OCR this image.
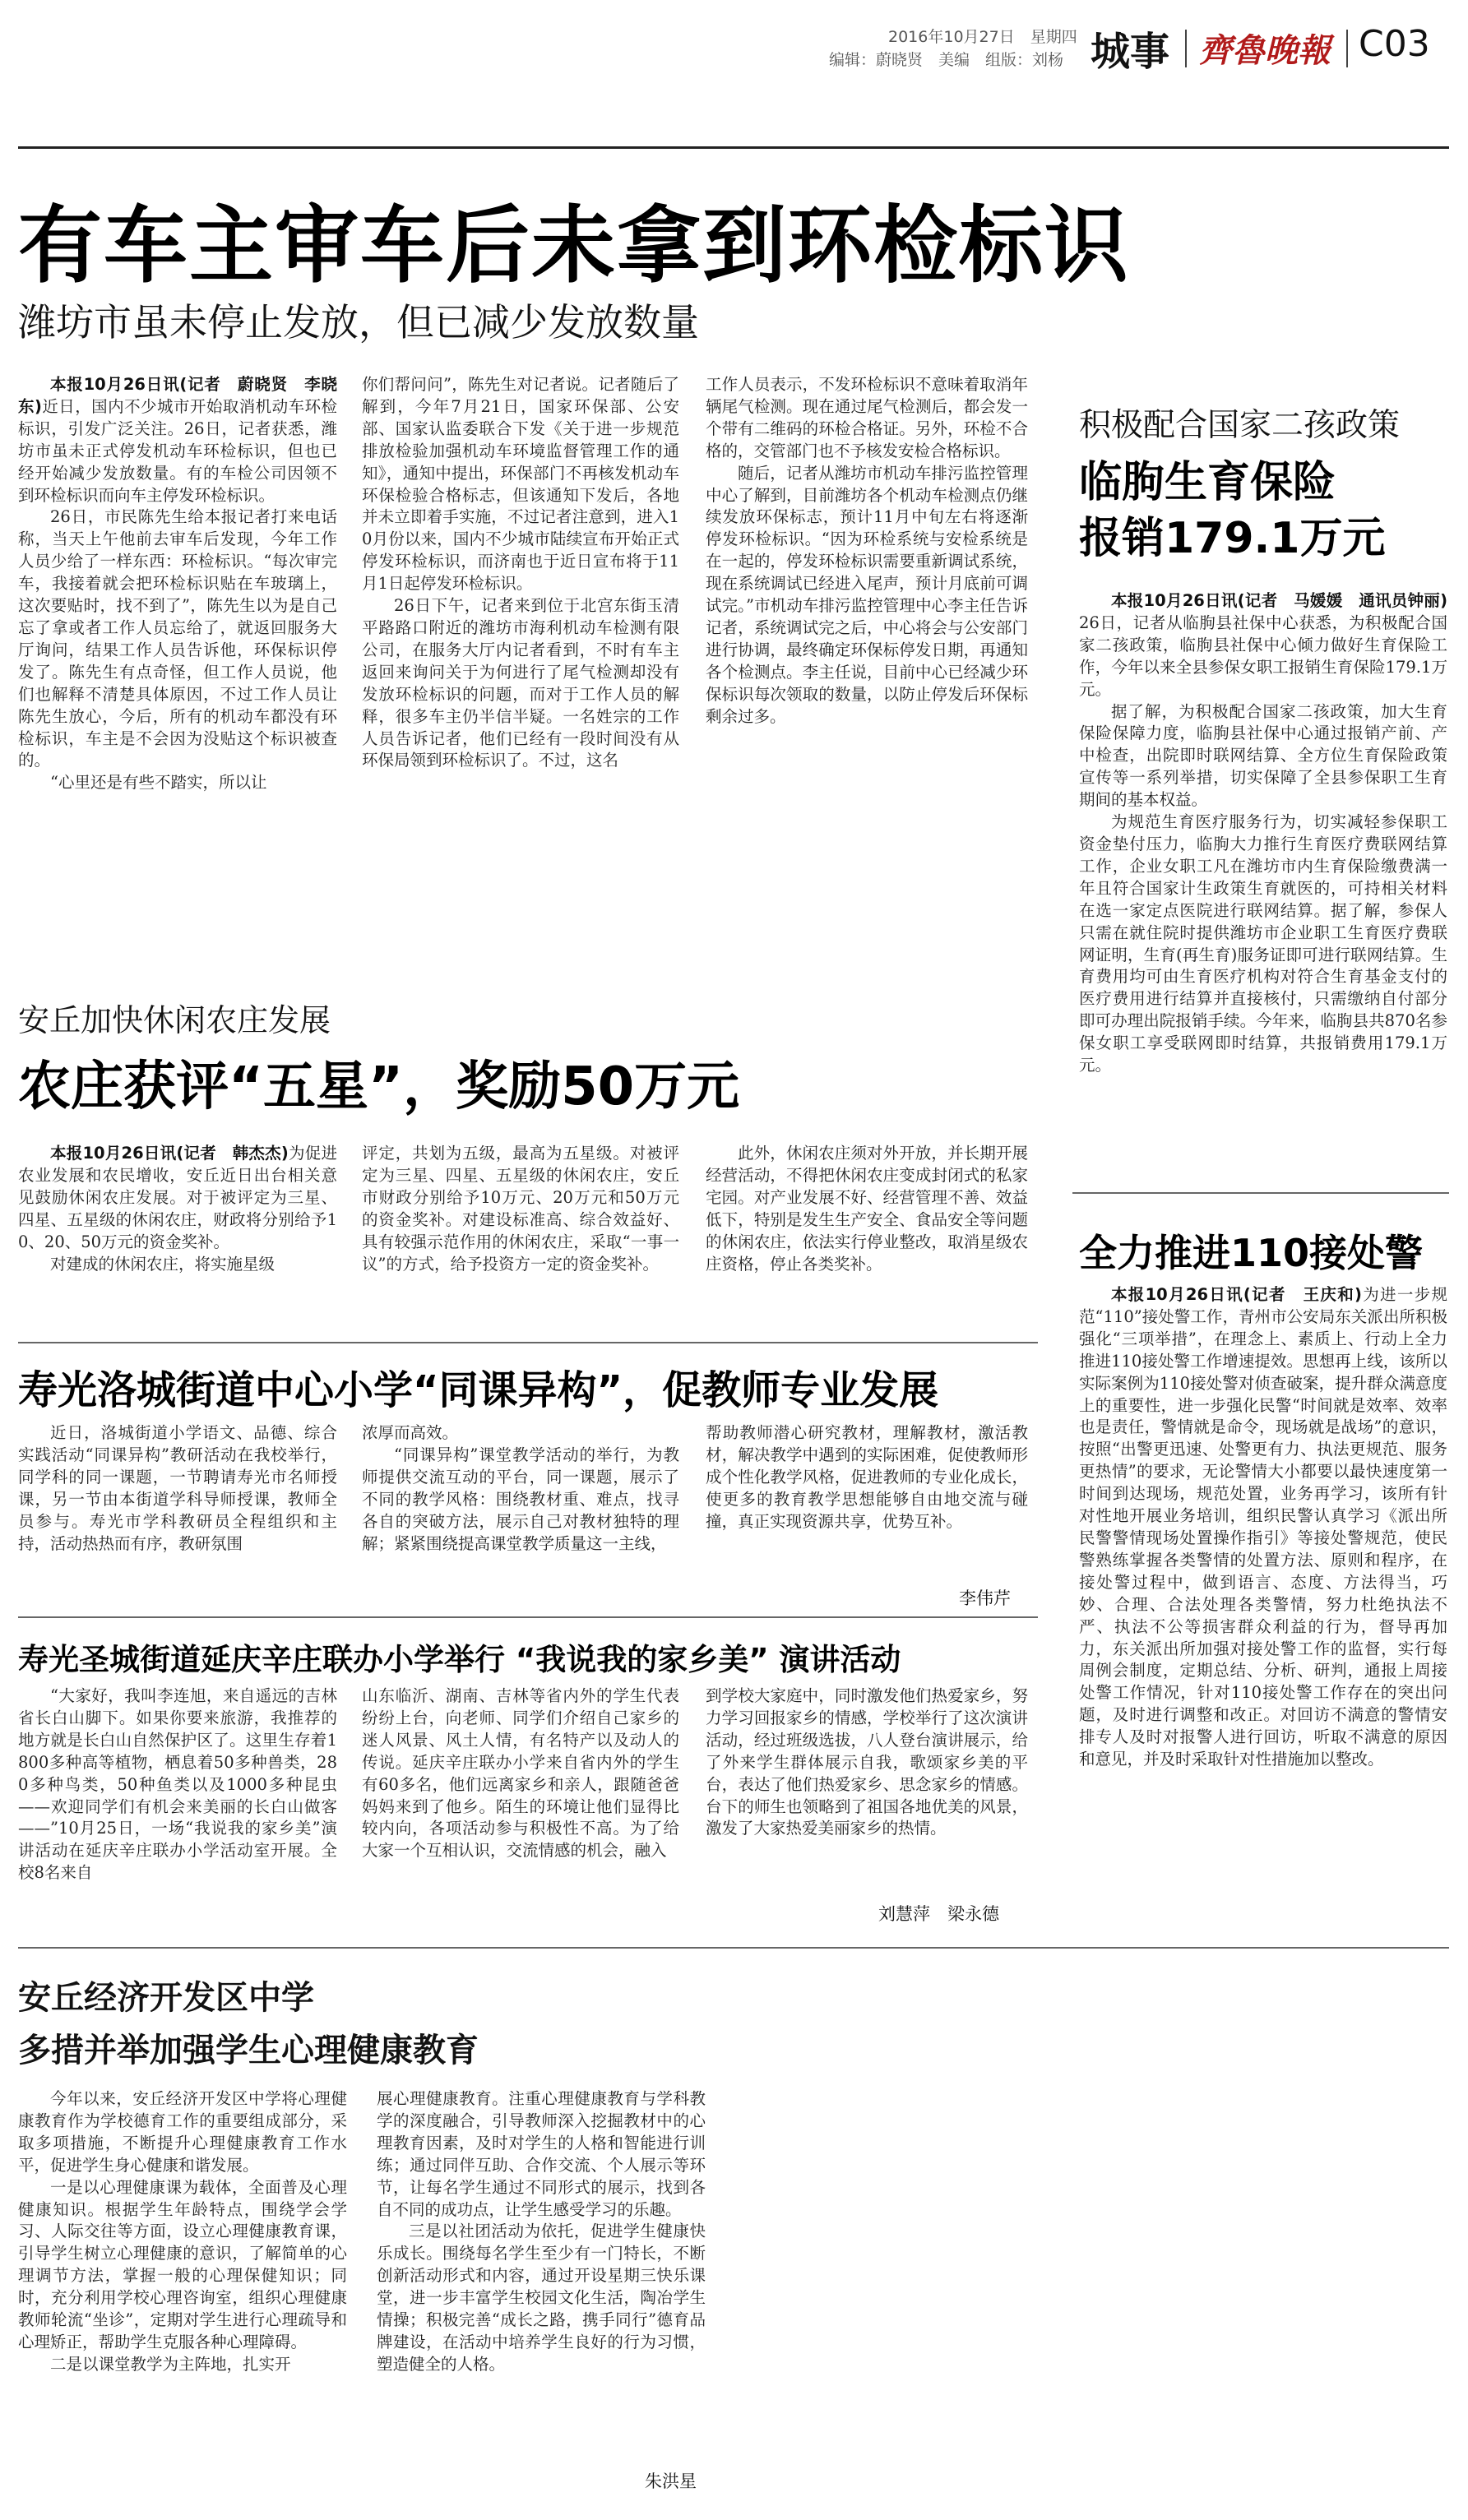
2016年10月27日　 星期四
编辑：蔚晓贤　美编　组版：刘杨 城事 齊魯晚報 C03
有车主审车后未拿到环检标识
潍坊市虽未停止发放，但已减少发放数量

本报10月26日讯(记者　蔚晓贤　李晓东)近日，国内不少城市开始取消机动车环检标识，引发广泛关注。26日，记者获悉，潍坊市虽未正式停发机动车环检标识，但也已经开始减少发放数量。有的车检公司因领不到环检标识而向车主停发环检标识。

26日，市民陈先生给本报记者打来电话称，当天上午他前去审车后发现，今年工作人员少给了一样东西：环检标识。“每次审完车，我接着就会把环检标识贴在车玻璃上，这次要贴时，找不到了”，陈先生以为是自己忘了拿或者工作人员忘给了，就返回服务大厅询问，结果工作人员告诉他，环保标识停发了。陈先生有点奇怪，但工作人员说，他们也解释不清楚具体原因，不过工作人员让陈先生放心，今后，所有的机动车都没有环检标识，车主是不会因为没贴这个标识被查的。

“心里还是有些不踏实，所以让

你们帮问问”，陈先生对记者说。记者随后了解到，今年7月21日，国家环保部、公安部、国家认监委联合下发《关于进一步规范排放检验加强机动车环境监督管理工作的通知》，通知中提出，环保部门不再核发机动车环保检验合格标志，但该通知下发后，各地并未立即着手实施，不过记者注意到，进入10月份以来，国内不少城市陆续宣布开始正式停发环检标识，而济南也于近日宣布将于11月1日起停发环检标识。

26日下午，记者来到位于北宫东街玉清平路路口附近的潍坊市海利机动车检测有限公司，在服务大厅内记者看到，不时有车主返回来询问关于为何进行了尾气检测却没有发放环检标识的问题，而对于工作人员的解释，很多车主仍半信半疑。一名姓宗的工作人员告诉记者，他们已经有一段时间没有从环保局领到环检标识了。不过，这名

工作人员表示，不发环检标识不意味着取消年辆尾气检测。现在通过尾气检测后，都会发一个带有二维码的环检合格证。另外，环检不合格的，交管部门也不予核发安检合格标识。

随后，记者从潍坊市机动车排污监控管理中心了解到，目前潍坊各个机动车检测点仍继续发放环保标志，预计11月中旬左右将逐渐停发环检标识。“因为环检系统与安检系统是在一起的，停发环检标识需要重新调试系统，现在系统调试已经进入尾声，预计月底前可调试完。”市机动车排污监控管理中心李主任告诉记者，系统调试完之后，中心将会与公安部门进行协调，最终确定环保标停发日期，再通知各个检测点。李主任说，目前中心已经减少环保标识每次领取的数量，以防止停发后环保标剩余过多。

积极配合国家二孩政策
临朐生育保险
报销179.1万元

本报10月26日讯(记者　马媛媛　通讯员钟丽)26日，记者从临朐县社保中心获悉，为积极配合国家二孩政策，临朐县社保中心倾力做好生育保险工作，今年以来全县参保女职工报销生育保险179.1万元。

据了解，为积极配合国家二孩政策，加大生育保险保障力度，临朐县社保中心通过报销产前、产中检查，出院即时联网结算、全方位生育保险政策宣传等一系列举措，切实保障了全县参保职工生育期间的基本权益。

为规范生育医疗服务行为，切实减轻参保职工资金垫付压力，临朐大力推行生育医疗费联网结算工作，企业女职工凡在潍坊市内生育保险缴费满一年且符合国家计生政策生育就医的，可持相关材料在选一家定点医院进行联网结算。据了解，参保人只需在就住院时提供潍坊市企业职工生育医疗费联网证明，生育(再生育)服务证即可进行联网结算。生育费用均可由生育医疗机构对符合生育基金支付的医疗费用进行结算并直接核付，只需缴纳自付部分即可办理出院报销手续。今年来，临朐县共870名参保女职工享受联网即时结算，共报销费用179.1万元。

安丘加快休闲农庄发展
农庄获评“五星”，奖励50万元

本报10月26日讯(记者　韩杰杰)为促进农业发展和农民增收，安丘近日出台相关意见鼓励休闲农庄发展。对于被评定为三星、四星、五星级的休闲农庄，财政将分别给予10、20、50万元的资金奖补。

对建成的休闲农庄，将实施星级

评定，共划为五级，最高为五星级。对被评定为三星、四星、五星级的休闲农庄，安丘市财政分别给予10万元、20万元和50万元的资金奖补。对建设标准高、综合效益好、具有较强示范作用的休闲农庄，采取“一事一议”的方式，给予投资方一定的资金奖补。

此外，休闲农庄须对外开放，并长期开展经营活动，不得把休闲农庄变成封闭式的私家宅园。对产业发展不好、经营管理不善、效益低下，特别是发生生产安全、食品安全等问题的休闲农庄，依法实行停业整改，取消星级农庄资格，停止各类奖补。	全力推进110接处警

本报10月26日讯(记者　王庆和)为进一步规范“110”接处警工作，青州市公安局东关派出所积极强化“三项举措”，在理念上、素质上、行动上全力推进110接处警工作增速提效。思想再上线，该所以实际案例为110接处警对侦查破案，提升群众满意度上的重要性，进一步强化民警“时间就是效率、效率也是责任，警情就是命令，现场就是战场”的意识，按照“出警更迅速、处警更有力、执法更规范、服务更热情”的要求，无论警情大小都要以最快速度第一时间到达现场，规范处置，业务再学习，该所有针对性地开展业务培训，组织民警认真学习《派出所民警警情现场处置操作指引》等接处警规范，使民警熟练掌握各类警情的处置方法、原则和程序，在接处警过程中，做到语言、态度、方法得当，巧妙、合理、合法处理各类警情，努力杜绝执法不严、执法不公等损害群众利益的行为，督导再加力，东关派出所加强对接处警工作的监督，实行每周例会制度，定期总结、分析、研判，通报上周接处警工作情况，针对110接处警工作存在的突出问题，及时进行调整和改正。对回访不满意的警情安排专人及时对报警人进行回访，听取不满意的原因和意见，并及时采取针对性措施加以整改。

寿光洛城街道中心小学“同课异构”，促教师专业发展

近日，洛城街道小学语文、品德、综合实践活动“同课异构”教研活动在我校举行，同学科的同一课题，一节聘请寿光市名师授课，另一节由本街道学科导师授课，教师全员参与。寿光市学科教研员全程组织和主持，活动热热而有序，教研氛围

浓厚而高效。

“同课异构”课堂教学活动的举行，为教师提供交流互动的平台，同一课题，展示了不同的教学风格：围绕教材重、难点，找寻各自的突破方法，展示自己对教材独特的理解；紧紧围绕提高课堂教学质量这一主线，

帮助教师潜心研究教材，理解教材，激活教材，解决教学中遇到的实际困难，促使教师形成个性化教学风格，促进教师的专业化成长，使更多的教育教学思想能够自由地交流与碰撞，真正实现资源共享，优势互补。

李伟芹
寿光圣城街道延庆辛庄联办小学举行 “我说我的家乡美” 演讲活动

“大家好，我叫李连旭，来自遥远的吉林省长白山脚下。如果你要来旅游，我推荐的地方就是长白山自然保护区了。这里生存着1800多种高等植物，栖息着50多种兽类，280多种鸟类，50种鱼类以及1000多种昆虫——欢迎同学们有机会来美丽的长白山做客——”10月25日，一场“我说我的家乡美”演讲活动在延庆辛庄联办小学活动室开展。全校8名来自

山东临沂、湖南、吉林等省内外的学生代表纷纷上台，向老师、同学们介绍自己家乡的迷人风景、风土人情，有名特产以及动人的传说。延庆辛庄联办小学来自省内外的学生有60多名，他们远离家乡和亲人，跟随爸爸妈妈来到了他乡。陌生的环境让他们显得比较内向，各项活动参与积极性不高。为了给大家一个互相认识，交流情感的机会，融入

到学校大家庭中，同时激发他们热爱家乡，努力学习回报家乡的情感，学校举行了这次演讲活动，经过班级选拔，八人登台演讲展示，给了外来学生群体展示自我，歌颂家乡美的平台，表达了他们热爱家乡、思念家乡的情感。台下的师生也领略到了祖国各地优美的风景，激发了大家热爱美丽家乡的热情。

刘慧萍　梁永德
安丘经济开发区中学
多措并举加强学生心理健康教育

今年以来，安丘经济开发区中学将心理健康教育作为学校德育工作的重要组成部分，采取多项措施，不断提升心理健康教育工作水平，促进学生身心健康和谐发展。

一是以心理健康课为载体，全面普及心理健康知识。根据学生年龄特点，围绕学会学习、人际交往等方面，设立心理健康教育课，引导学生树立心理健康的意识，了解简单的心理调节方法，掌握一般的心理保健知识；同时，充分利用学校心理咨询室，组织心理健康教师轮流“坐诊”，定期对学生进行心理疏导和心理矫正，帮助学生克服各种心理障碍。

二是以课堂教学为主阵地，扎实开

展心理健康教育。注重心理健康教育与学科教学的深度融合，引导教师深入挖掘教材中的心理教育因素，及时对学生的人格和智能进行训练；通过同伴互助、合作交流、个人展示等环节，让每名学生通过不同形式的展示，找到各自不同的成功点，让学生感受学习的乐趣。

三是以社团活动为依托，促进学生健康快乐成长。围绕每名学生至少有一门特长，不断创新活动形式和内容，通过开设星期三快乐课堂，进一步丰富学生校园文化生活，陶冶学生情操；积极完善“成长之路，携手同行”德育品牌建设，在活动中培养学生良好的行为习惯，塑造健全的人格。

朱洪星
